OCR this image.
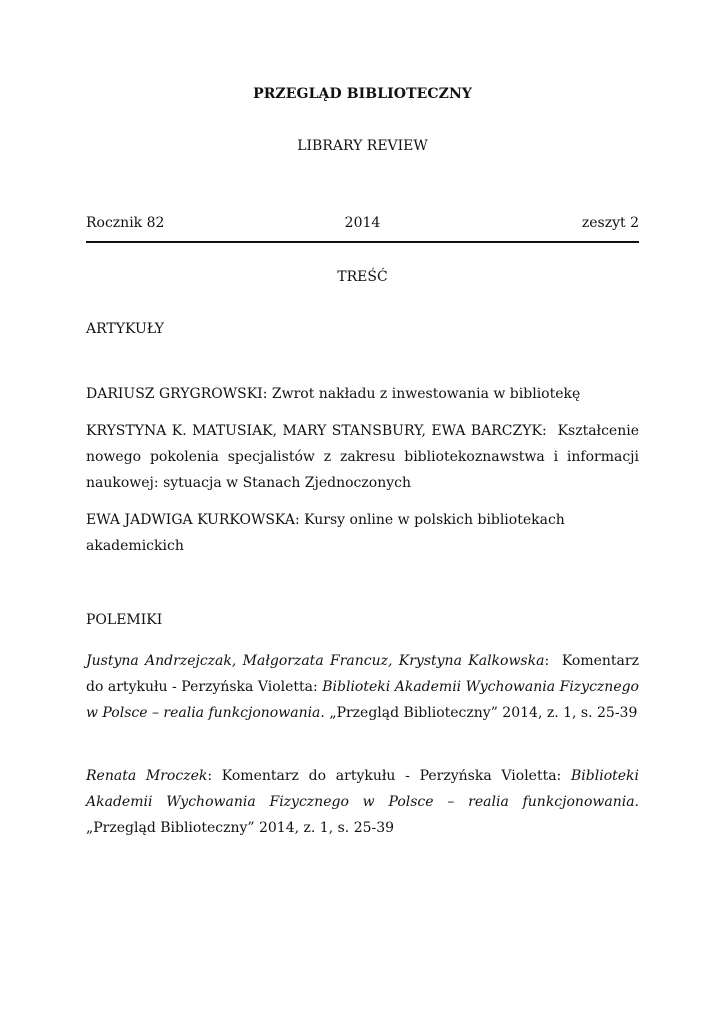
PRZEGLĄD BIBLIOTECZNY
LIBRARY REVIEW
2014
Rocznik 82	zeszyt 2
TREŚĆ
ARTYKUŁY
DARIUSZ GRYGROWSKI: Zwrot nakładu z inwestowania w bibliotekę
KRYSTYNA K. MATUSIAK, MARY STANSBURY, EWA BARCZYK:  Kształcenie nowego pokolenia specjalistów z zakresu bibliotekoznawstwa i informacji naukowej: sytuacja w Stanach Zjednoczonych
EWA JADWIGA KURKOWSKA: Kursy online w polskich bibliotekach akademickich
POLEMIKI
Justyna Andrzejczak, Małgorzata Francuz, Krystyna Kalkowska:  Komentarz do artykułu - Perzyńska Violetta: Biblioteki Akademii Wychowania Fizycznego w Polsce – realia funkcjonowania. „Przegląd Biblioteczny” 2014, z. 1, s. 25-39
Renata Mroczek: Komentarz do artykułu - Perzyńska Violetta: Biblioteki Akademii Wychowania Fizycznego w Polsce – realia funkcjonowania. „Przegląd Biblioteczny” 2014, z. 1, s. 25-39
